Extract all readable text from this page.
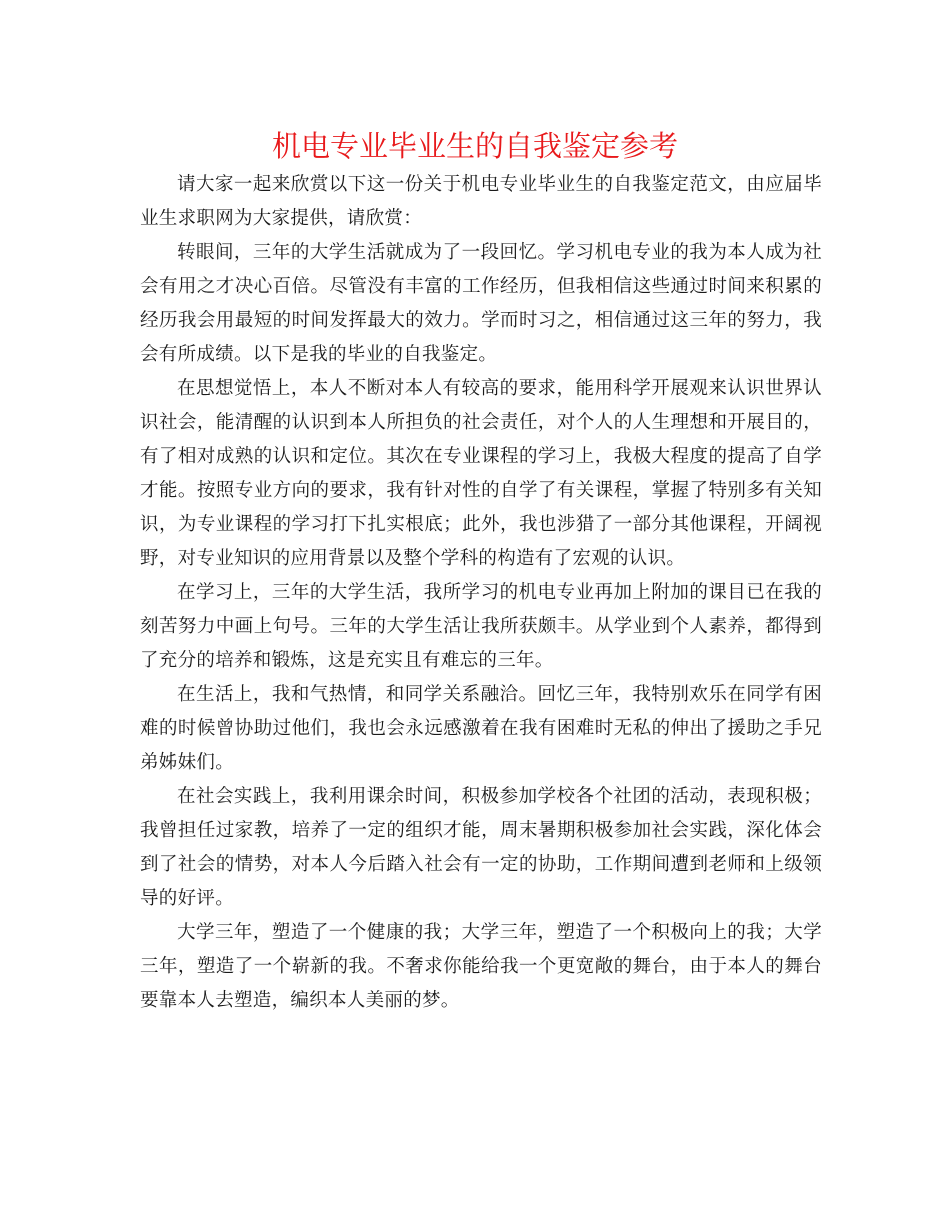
机电专业毕业生的自我鉴定参考

请大家一起来欣赏以下这一份关于机电专业毕业生的自我鉴定范文，由应届毕业生求职网为大家提供，请欣赏：

转眼间，三年的大学生活就成为了一段回忆。学习机电专业的我为本人成为社会有用之才决心百倍。尽管没有丰富的工作经历，但我相信这些通过时间来积累的经历我会用最短的时间发挥最大的效力。学而时习之，相信通过这三年的努力，我会有所成绩。以下是我的毕业的自我鉴定。

在思想觉悟上，本人不断对本人有较高的要求，能用科学开展观来认识世界认识社会，能清醒的认识到本人所担负的社会责任，对个人的人生理想和开展目的，有了相对成熟的认识和定位。其次在专业课程的学习上，我极大程度的提高了自学才能。按照专业方向的要求，我有针对性的自学了有关课程，掌握了特别多有关知识，为专业课程的学习打下扎实根底；此外，我也涉猎了一部分其他课程，开阔视野，对专业知识的应用背景以及整个学科的构造有了宏观的认识。

在学习上，三年的大学生活，我所学习的机电专业再加上附加的课目已在我的刻苦努力中画上句号。三年的大学生活让我所获颇丰。从学业到个人素养，都得到了充分的培养和锻炼，这是充实且有难忘的三年。

在生活上，我和气热情，和同学关系融洽。回忆三年，我特别欢乐在同学有困难的时候曾协助过他们，我也会永远感激着在我有困难时无私的伸出了援助之手兄弟姊妹们。

在社会实践上，我利用课余时间，积极参加学校各个社团的活动，表现积极；我曾担任过家教，培养了一定的组织才能，周末暑期积极参加社会实践，深化体会到了社会的情势，对本人今后踏入社会有一定的协助，工作期间遭到老师和上级领导的好评。

大学三年，塑造了一个健康的我；大学三年，塑造了一个积极向上的我；大学三年，塑造了一个崭新的我。不奢求你能给我一个更宽敞的舞台，由于本人的舞台要靠本人去塑造，编织本人美丽的梦。
